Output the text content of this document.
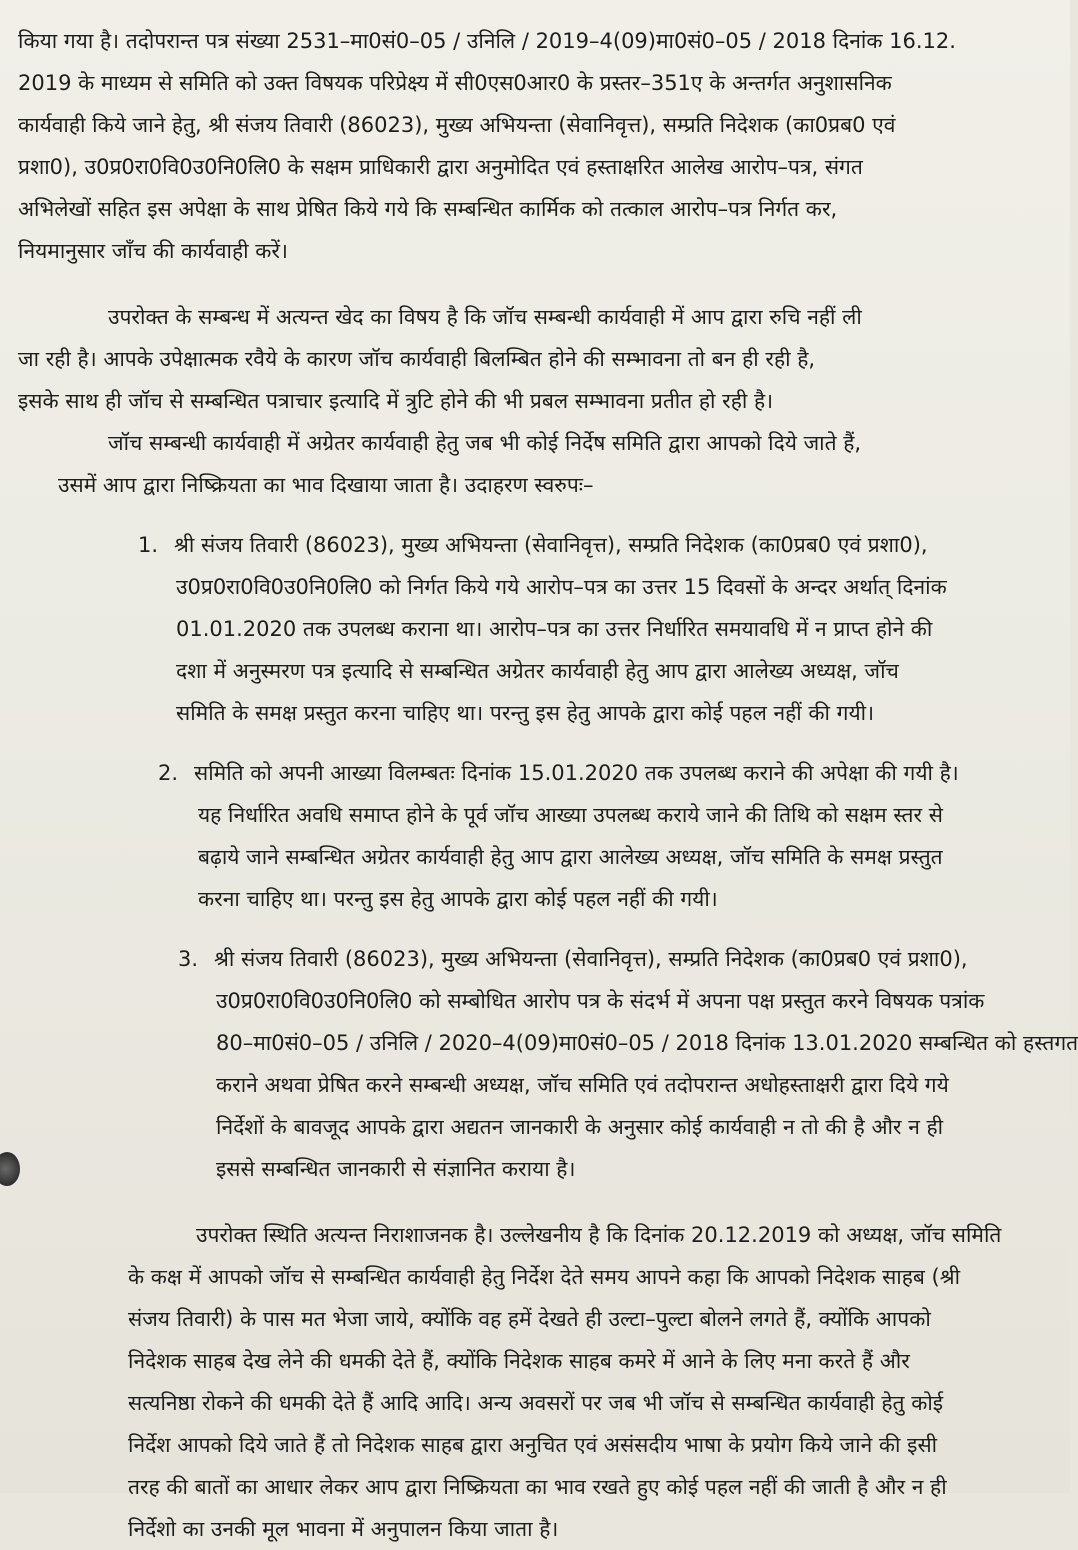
किया गया है। तदोपरान्त पत्र संख्या 2531–मा0सं0–05 / उनिलि / 2019–4(09)मा0सं0–05 / 2018 दिनांक 16.12.
2019 के माध्यम से समिति को उक्त विषयक परिप्रेक्ष्य में सी0एस0आर0 के प्रस्तर–351ए के अन्तर्गत अनुशासनिक
कार्यवाही किये जाने हेतु, श्री संजय तिवारी (86023), मुख्य अभियन्ता (सेवानिवृत्त), सम्प्रति निदेशक (का0प्रब0 एवं
प्रशा0), उ0प्र0रा0वि0उ0नि0लि0 के सक्षम प्राधिकारी द्वारा अनुमोदित एवं हस्ताक्षरित आलेख आरोप–पत्र, संगत
अभिलेखों सहित इस अपेक्षा के साथ प्रेषित किये गये कि सम्बन्धित कार्मिक को तत्काल आरोप–पत्र निर्गत कर,
नियमानुसार जाँच की कार्यवाही करें।
उपरोक्त के सम्बन्ध में अत्यन्त खेद का विषय है कि जॉच सम्बन्धी कार्यवाही में आप द्वारा रुचि नहीं ली
जा रही है। आपके उपेक्षात्मक रवैये के कारण जॉच कार्यवाही बिलम्बित होने की सम्भावना तो बन ही रही है,
इसके साथ ही जॉच से सम्बन्धित पत्राचार इत्यादि में त्रुटि होने की भी प्रबल सम्भावना प्रतीत हो रही है।
जॉच सम्बन्धी कार्यवाही में अग्रेतर कार्यवाही हेतु जब भी कोई निर्देष समिति द्वारा आपको दिये जाते हैं,
उसमें आप द्वारा निष्क्रियता का भाव दिखाया जाता है। उदाहरण स्वरुपः–
1. श्री संजय तिवारी (86023), मुख्य अभियन्ता (सेवानिवृत्त), सम्प्रति निदेशक (का0प्रब0 एवं प्रशा0),
उ0प्र0रा0वि0उ0नि0लि0 को निर्गत किये गये आरोप–पत्र का उत्तर 15 दिवसों के अन्दर अर्थात् दिनांक
01.01.2020 तक उपलब्ध कराना था। आरोप–पत्र का उत्तर निर्धारित समयावधि में न प्राप्त होने की
दशा में अनुस्मरण पत्र इत्यादि से सम्बन्धित अग्रेतर कार्यवाही हेतु आप द्वारा आलेख्य अध्यक्ष, जॉच
समिति के समक्ष प्रस्तुत करना चाहिए था। परन्तु इस हेतु आपके द्वारा कोई पहल नहीं की गयी।
2. समिति को अपनी आख्या विलम्बतः दिनांक 15.01.2020 तक उपलब्ध कराने की अपेक्षा की गयी है।
यह निर्धारित अवधि समाप्त होने के पूर्व जॉच आख्या उपलब्ध कराये जाने की तिथि को सक्षम स्तर से
बढ़ाये जाने सम्बन्धित अग्रेतर कार्यवाही हेतु आप द्वारा आलेख्य अध्यक्ष, जॉच समिति के समक्ष प्रस्तुत
करना चाहिए था। परन्तु इस हेतु आपके द्वारा कोई पहल नहीं की गयी।
3. श्री संजय तिवारी (86023), मुख्य अभियन्ता (सेवानिवृत्त), सम्प्रति निदेशक (का0प्रब0 एवं प्रशा0),
उ0प्र0रा0वि0उ0नि0लि0 को सम्बोधित आरोप पत्र के संदर्भ में अपना पक्ष प्रस्तुत करने विषयक पत्रांक
80–मा0सं0–05 / उनिलि / 2020–4(09)मा0सं0–05 / 2018 दिनांक 13.01.2020 सम्बन्धित को हस्तगत
कराने अथवा प्रेषित करने सम्बन्धी अध्यक्ष, जॉच समिति एवं तदोपरान्त अधोहस्ताक्षरी द्वारा दिये गये
निर्देशों के बावजूद आपके द्वारा अद्यतन जानकारी के अनुसार कोई कार्यवाही न तो की है और न ही
इससे सम्बन्धित जानकारी से संज्ञानित कराया है।
उपरोक्त स्थिति अत्यन्त निराशाजनक है। उल्लेखनीय है कि दिनांक 20.12.2019 को अध्यक्ष, जॉच समिति
के कक्ष में आपको जॉच से सम्बन्धित कार्यवाही हेतु निर्देश देते समय आपने कहा कि आपको निदेशक साहब (श्री
संजय तिवारी) के पास मत भेजा जाये, क्योंकि वह हमें देखते ही उल्टा–पुल्टा बोलने लगते हैं, क्योंकि आपको
निदेशक साहब देख लेने की धमकी देते हैं, क्योंकि निदेशक साहब कमरे में आने के लिए मना करते हैं और
सत्यनिष्ठा रोकने की धमकी देते हैं आदि आदि। अन्य अवसरों पर जब भी जॉच से सम्बन्धित कार्यवाही हेतु कोई
निर्देश आपको दिये जाते हैं तो निदेशक साहब द्वारा अनुचित एवं असंसदीय भाषा के प्रयोग किये जाने की इसी
तरह की बातों का आधार लेकर आप द्वारा निष्क्रियता का भाव रखते हुए कोई पहल नहीं की जाती है और न ही
निर्देशो का उनकी मूल भावना में अनुपालन किया जाता है।
